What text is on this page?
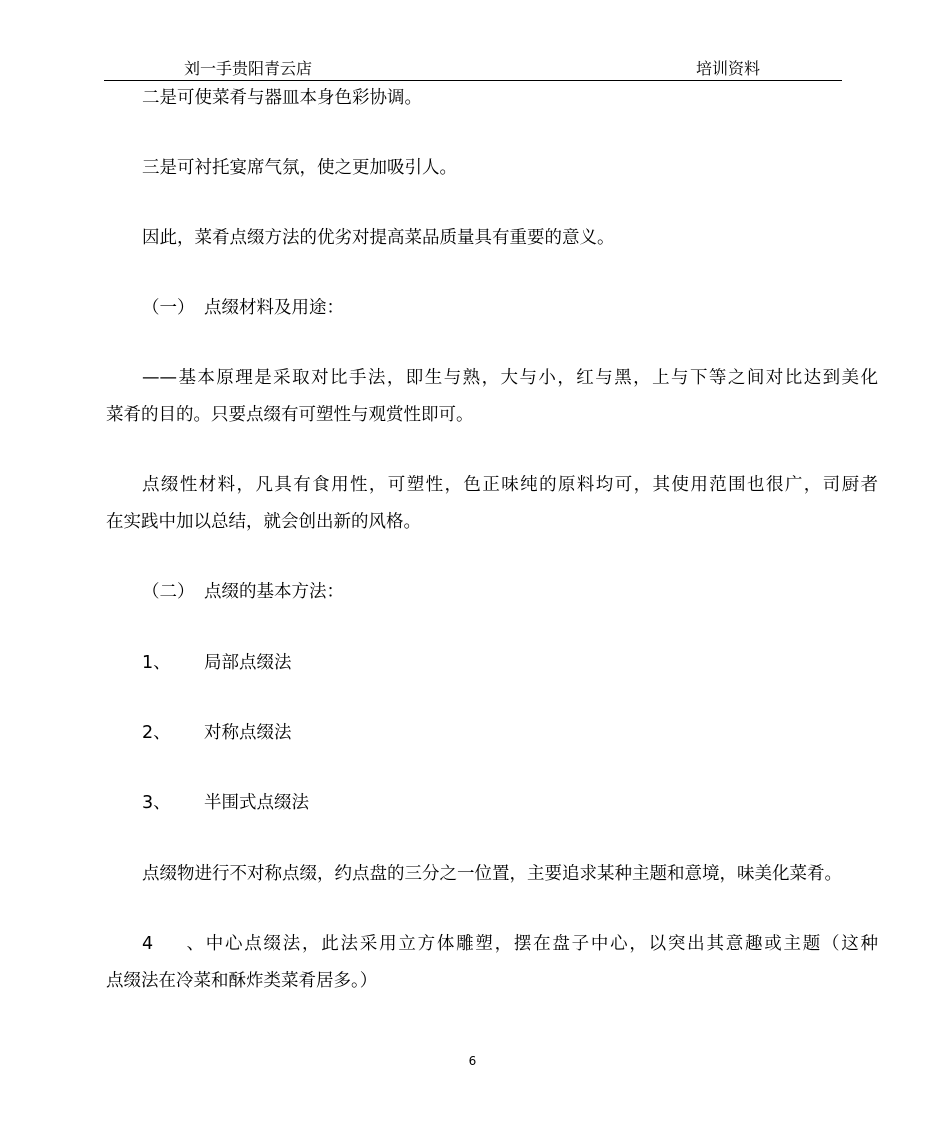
刘一手贵阳青云店	培训资料
二是可使菜肴与器皿本身色彩协调。
三是可衬托宴席气氛，使之更加吸引人。
因此，菜肴点缀方法的优劣对提高菜品质量具有重要的意义。
（一） 点缀材料及用途：
——基本原理是采取对比手法，即生与熟，大与小，红与黑，上与下等之间对比达到美化
菜肴的目的。只要点缀有可塑性与观赏性即可。
点缀性材料，凡具有食用性，可塑性，色正味纯的原料均可，其使用范围也很广，司厨者
在实践中加以总结，就会创出新的风格。
（二） 点缀的基本方法：
1、 局部点缀法
2、 对称点缀法
3、 半围式点缀法
点缀物进行不对称点缀，约点盘的三分之一位置，主要追求某种主题和意境，味美化菜肴。
4、中心点缀法，此法采用立方体雕塑，摆在盘子中心，以突出其意趣或主题（这种
点缀法在冷菜和酥炸类菜肴居多。）
6
